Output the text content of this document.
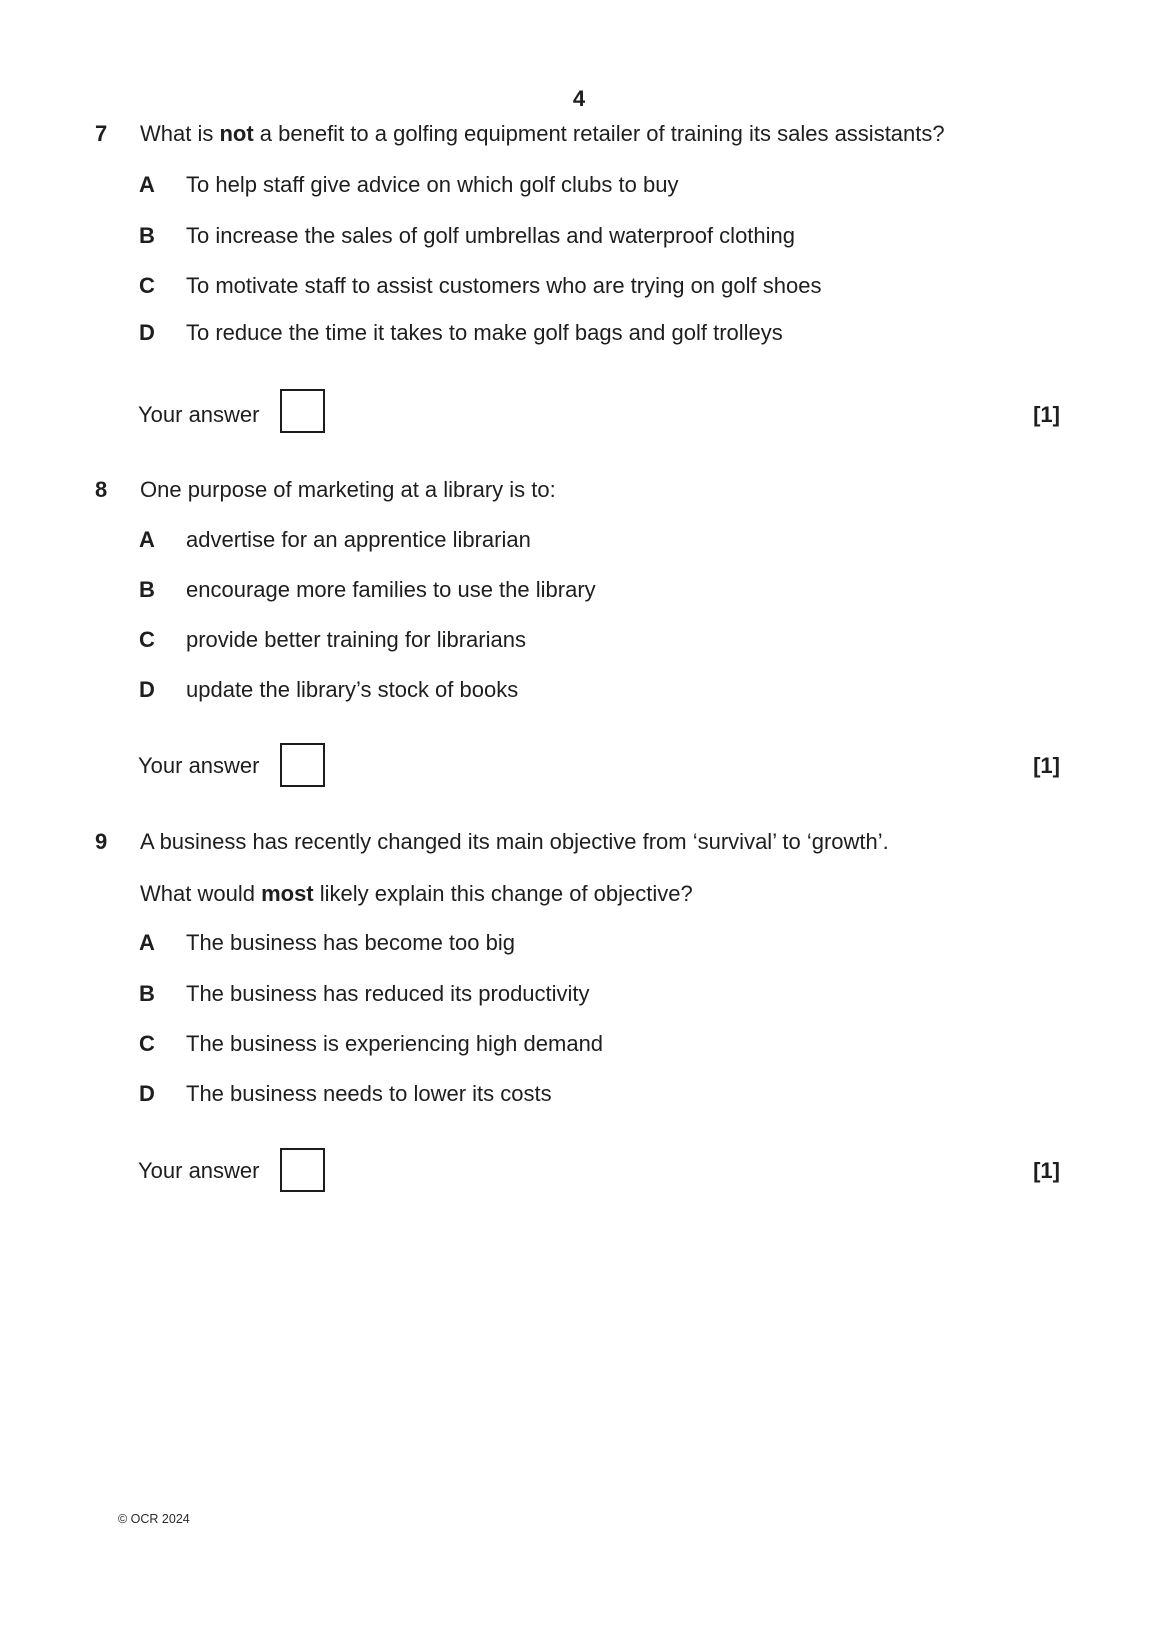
4
7 What is not a benefit to a golfing equipment retailer of training its sales assistants?
A To help staff give advice on which golf clubs to buy
B To increase the sales of golf umbrellas and waterproof clothing
C To motivate staff to assist customers who are trying on golf shoes
D To reduce the time it takes to make golf bags and golf trolleys
Your answer	[1]
8 One purpose of marketing at a library is to:
A advertise for an apprentice librarian
B encourage more families to use the library
C provide better training for librarians
D update the library’s stock of books
Your answer	[1]
9 A business has recently changed its main objective from ‘survival’ to ‘growth’.
What would most likely explain this change of objective?
A The business has become too big
B The business has reduced its productivity
C The business is experiencing high demand
D The business needs to lower its costs
Your answer	[1]
© OCR 2024
